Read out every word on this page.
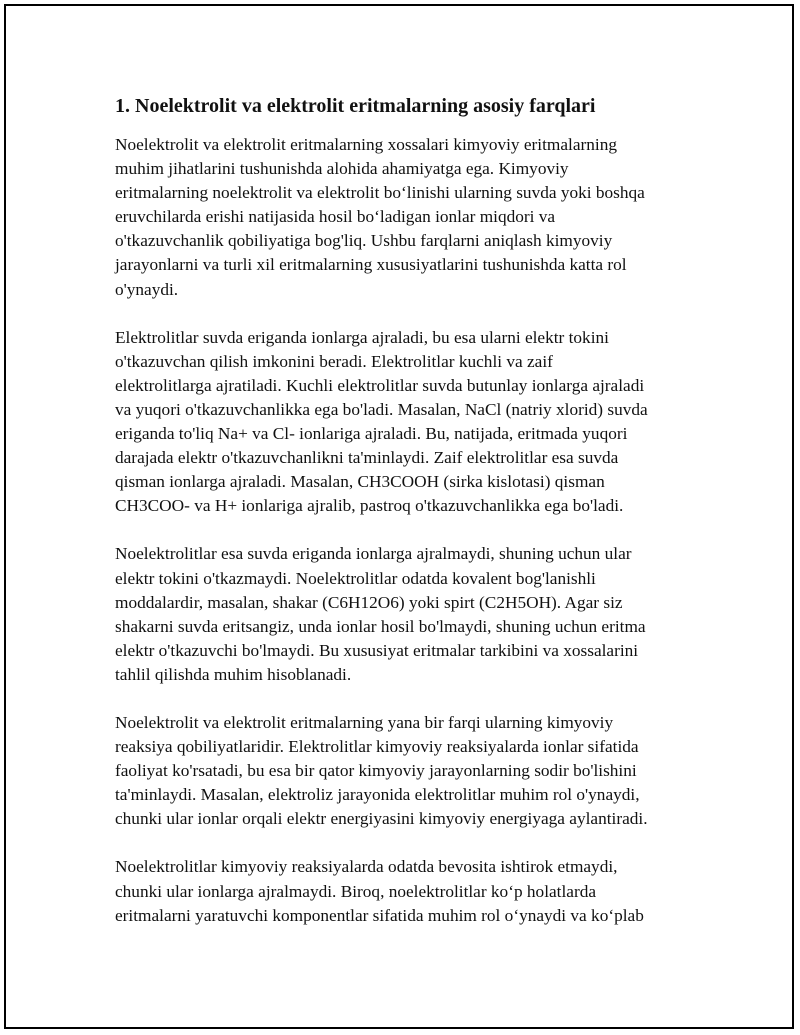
1. Noelektrolit va elektrolit eritmalarning asosiy farqlari

Noelektrolit va elektrolit eritmalarning xossalari kimyoviy eritmalarning
muhim jihatlarini tushunishda alohida ahamiyatga ega. Kimyoviy
eritmalarning noelektrolit va elektrolit boʻlinishi ularning suvda yoki boshqa
eruvchilarda erishi natijasida hosil boʻladigan ionlar miqdori va
o'tkazuvchanlik qobiliyatiga bog'liq. Ushbu farqlarni aniqlash kimyoviy
jarayonlarni va turli xil eritmalarning xususiyatlarini tushunishda katta rol
o'ynaydi.

Elektrolitlar suvda eriganda ionlarga ajraladi, bu esa ularni elektr tokini
o'tkazuvchan qilish imkonini beradi. Elektrolitlar kuchli va zaif
elektrolitlarga ajratiladi. Kuchli elektrolitlar suvda butunlay ionlarga ajraladi
va yuqori o'tkazuvchanlikka ega bo'ladi. Masalan, NaCl (natriy xlorid) suvda
eriganda to'liq Na+ va Cl- ionlariga ajraladi. Bu, natijada, eritmada yuqori
darajada elektr o'tkazuvchanlikni ta'minlaydi. Zaif elektrolitlar esa suvda
qisman ionlarga ajraladi. Masalan, CH3COOH (sirka kislotasi) qisman
CH3COO- va H+ ionlariga ajralib, pastroq o'tkazuvchanlikka ega bo'ladi.

Noelektrolitlar esa suvda eriganda ionlarga ajralmaydi, shuning uchun ular
elektr tokini o'tkazmaydi. Noelektrolitlar odatda kovalent bog'lanishli
moddalardir, masalan, shakar (C6H12O6) yoki spirt (C2H5OH). Agar siz
shakarni suvda eritsangiz, unda ionlar hosil bo'lmaydi, shuning uchun eritma
elektr o'tkazuvchi bo'lmaydi. Bu xususiyat eritmalar tarkibini va xossalarini
tahlil qilishda muhim hisoblanadi.

Noelektrolit va elektrolit eritmalarning yana bir farqi ularning kimyoviy
reaksiya qobiliyatlaridir. Elektrolitlar kimyoviy reaksiyalarda ionlar sifatida
faoliyat ko'rsatadi, bu esa bir qator kimyoviy jarayonlarning sodir bo'lishini
ta'minlaydi. Masalan, elektroliz jarayonida elektrolitlar muhim rol o'ynaydi,
chunki ular ionlar orqali elektr energiyasini kimyoviy energiyaga aylantiradi.

Noelektrolitlar kimyoviy reaksiyalarda odatda bevosita ishtirok etmaydi,
chunki ular ionlarga ajralmaydi. Biroq, noelektrolitlar koʻp holatlarda
eritmalarni yaratuvchi komponentlar sifatida muhim rol oʻynaydi va koʻplab
